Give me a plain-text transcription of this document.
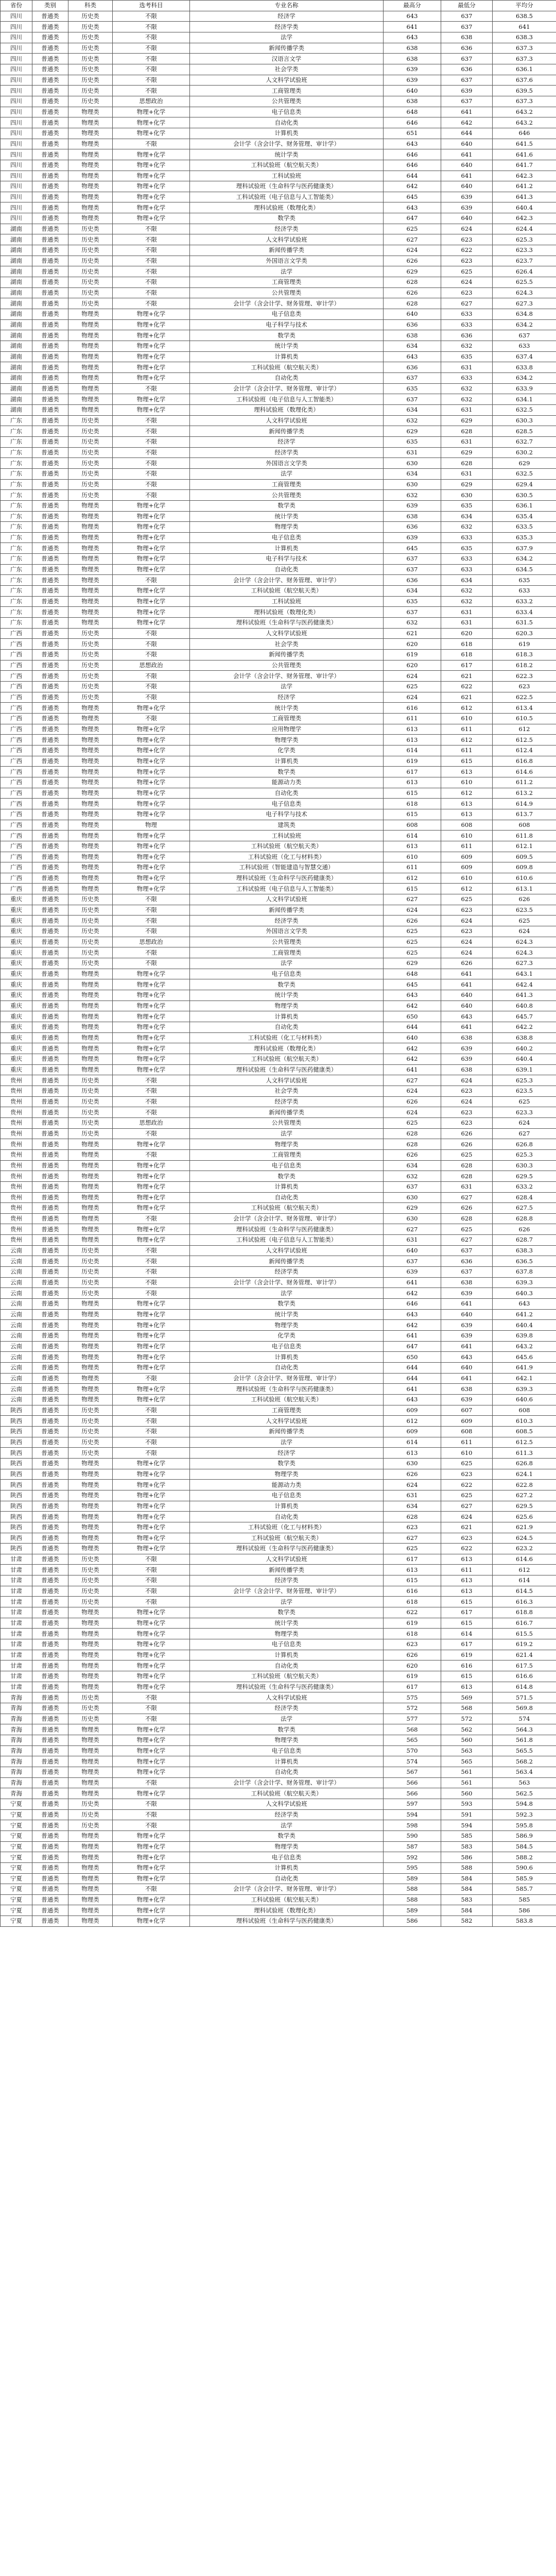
省份	类别	科类	选考科目	专业名称	最高分	最低分	平均分
四川	普通类	历史类	不限	经济学	643	637	638.5
四川	普通类	历史类	不限	经济学类	641	637	641
四川	普通类	历史类	不限	法学	643	638	638.3
四川	普通类	历史类	不限	新闻传播学类	638	636	637.3
四川	普通类	历史类	不限	汉语言文学	638	637	637.3
四川	普通类	历史类	不限	社会学类	639	636	636.1
四川	普通类	历史类	不限	人文科学试验班	639	637	637.6
四川	普通类	历史类	不限	工商管理类	640	639	639.5
四川	普通类	历史类	思想政治	公共管理类	638	637	637.3
四川	普通类	物理类	物理+化学	电子信息类	648	641	643.2
四川	普通类	物理类	物理+化学	自动化类	646	642	643.2
四川	普通类	物理类	物理+化学	计算机类	651	644	646
四川	普通类	物理类	不限	会计学（含会计学、财务管理、审计学）	643	640	641.5
四川	普通类	物理类	物理+化学	统计学类	646	641	641.6
四川	普通类	物理类	物理+化学	工科试验班（航空航天类）	646	640	641.7
四川	普通类	物理类	物理+化学	工科试验班	644	641	642.3
四川	普通类	物理类	物理+化学	理科试验班（生命科学与医药健康类）	642	640	641.2
四川	普通类	物理类	物理+化学	工科试验班（电子信息与人工智能类）	645	639	641.3
四川	普通类	物理类	物理+化学	理科试验班（数理化类）	643	639	640.4
四川	普通类	物理类	物理+化学	数学类	647	640	642.3
湖南	普通类	历史类	不限	经济学类	625	624	624.4
湖南	普通类	历史类	不限	人文科学试验班	627	623	625.3
湖南	普通类	历史类	不限	新闻传播学类	624	622	623.3
湖南	普通类	历史类	不限	外国语言文学类	626	623	623.7
湖南	普通类	历史类	不限	法学	629	625	626.4
湖南	普通类	历史类	不限	工商管理类	628	624	625.5
湖南	普通类	历史类	不限	公共管理类	626	623	624.3
湖南	普通类	历史类	不限	会计学（含会计学、财务管理、审计学）	628	627	627.3
湖南	普通类	物理类	物理+化学	电子信息类	640	633	634.8
湖南	普通类	物理类	物理+化学	电子科学与技术	636	633	634.2
湖南	普通类	物理类	物理+化学	数学类	638	636	637
湖南	普通类	物理类	物理+化学	统计学类	634	632	633
湖南	普通类	物理类	物理+化学	计算机类	643	635	637.4
湖南	普通类	物理类	物理+化学	工科试验班（航空航天类）	636	631	633.8
湖南	普通类	物理类	物理+化学	自动化类	637	633	634.2
湖南	普通类	物理类	不限	会计学（含会计学、财务管理、审计学）	635	632	633.9
湖南	普通类	物理类	物理+化学	工科试验班（电子信息与人工智能类）	637	632	634.1
湖南	普通类	物理类	物理+化学	理科试验班（数理化类）	634	631	632.5
广东	普通类	历史类	不限	人文科学试验班	632	629	630.3
广东	普通类	历史类	不限	新闻传播学类	629	628	628.5
广东	普通类	历史类	不限	经济学	635	631	632.7
广东	普通类	历史类	不限	经济学类	631	629	630.2
广东	普通类	历史类	不限	外国语言文学类	630	628	629
广东	普通类	历史类	不限	法学	634	631	632.5
广东	普通类	历史类	不限	工商管理类	630	629	629.4
广东	普通类	历史类	不限	公共管理类	632	630	630.5
广东	普通类	物理类	物理+化学	数学类	639	635	636.1
广东	普通类	物理类	物理+化学	统计学类	638	634	635.4
广东	普通类	物理类	物理+化学	物理学类	636	632	633.5
广东	普通类	物理类	物理+化学	电子信息类	639	633	635.3
广东	普通类	物理类	物理+化学	计算机类	645	635	637.9
广东	普通类	物理类	物理+化学	电子科学与技术	637	633	634.2
广东	普通类	物理类	物理+化学	自动化类	637	633	634.5
广东	普通类	物理类	不限	会计学（含会计学、财务管理、审计学）	636	634	635
广东	普通类	物理类	物理+化学	工科试验班（航空航天类）	634	632	633
广东	普通类	物理类	物理+化学	工科试验班	635	632	633.2
广东	普通类	物理类	物理+化学	理科试验班（数理化类）	637	631	633.4
广东	普通类	物理类	物理+化学	理科试验班（生命科学与医药健康类）	632	631	631.5
广西	普通类	历史类	不限	人文科学试验班	621	620	620.3
广西	普通类	历史类	不限	社会学类	620	618	619
广西	普通类	历史类	不限	新闻传播学类	619	618	618.3
广西	普通类	历史类	思想政治	公共管理类	620	617	618.2
广西	普通类	历史类	不限	会计学（含会计学、财务管理、审计学）	624	621	622.3
广西	普通类	历史类	不限	法学	625	622	623
广西	普通类	历史类	不限	经济学	624	621	622.5
广西	普通类	物理类	物理+化学	统计学类	616	612	613.4
广西	普通类	物理类	不限	工商管理类	611	610	610.5
广西	普通类	物理类	物理+化学	应用物理学	613	611	612
广西	普通类	物理类	物理+化学	物理学类	613	612	612.5
广西	普通类	物理类	物理+化学	化学类	614	611	612.4
广西	普通类	物理类	物理+化学	计算机类	619	615	616.8
广西	普通类	物理类	物理+化学	数学类	617	613	614.6
广西	普通类	物理类	物理+化学	能源动力类	613	610	611.2
广西	普通类	物理类	物理+化学	自动化类	615	612	613.2
广西	普通类	物理类	物理+化学	电子信息类	618	613	614.9
广西	普通类	物理类	物理+化学	电子科学与技术	615	613	613.7
广西	普通类	物理类	物理	建筑类	608	608	608
广西	普通类	物理类	物理+化学	工科试验班	614	610	611.8
广西	普通类	物理类	物理+化学	工科试验班（航空航天类）	613	611	612.1
广西	普通类	物理类	物理+化学	工科试验班（化工与材料类）	610	609	609.5
广西	普通类	物理类	物理+化学	工科试验班（智能建造与智慧交通）	611	609	609.8
广西	普通类	物理类	物理+化学	理科试验班（生命科学与医药健康类）	612	610	610.6
广西	普通类	物理类	物理+化学	工科试验班（电子信息与人工智能类）	615	612	613.1
重庆	普通类	历史类	不限	人文科学试验班	627	625	626
重庆	普通类	历史类	不限	新闻传播学类	624	623	623.5
重庆	普通类	历史类	不限	经济学类	626	624	625
重庆	普通类	历史类	不限	外国语言文学类	625	623	624
重庆	普通类	历史类	思想政治	公共管理类	625	624	624.3
重庆	普通类	历史类	不限	工商管理类	625	624	624.3
重庆	普通类	历史类	不限	法学	629	626	627.3
重庆	普通类	物理类	物理+化学	电子信息类	648	641	643.1
重庆	普通类	物理类	物理+化学	数学类	645	641	642.4
重庆	普通类	物理类	物理+化学	统计学类	643	640	641.3
重庆	普通类	物理类	物理+化学	物理学类	642	640	640.8
重庆	普通类	物理类	物理+化学	计算机类	650	643	645.7
重庆	普通类	物理类	物理+化学	自动化类	644	641	642.2
重庆	普通类	物理类	物理+化学	工科试验班（化工与材料类）	640	638	638.8
重庆	普通类	物理类	物理+化学	理科试验班（数理化类）	642	639	640.2
重庆	普通类	物理类	物理+化学	工科试验班（航空航天类）	642	639	640.4
重庆	普通类	物理类	物理+化学	理科试验班（生命科学与医药健康类）	641	638	639.1
贵州	普通类	历史类	不限	人文科学试验班	627	624	625.3
贵州	普通类	历史类	不限	社会学类	624	623	623.5
贵州	普通类	历史类	不限	经济学类	626	624	625
贵州	普通类	历史类	不限	新闻传播学类	624	623	623.3
贵州	普通类	历史类	思想政治	公共管理类	625	623	624
贵州	普通类	历史类	不限	法学	628	626	627
贵州	普通类	物理类	物理+化学	物理学类	628	626	626.8
贵州	普通类	物理类	不限	工商管理类	626	625	625.3
贵州	普通类	物理类	物理+化学	电子信息类	634	628	630.3
贵州	普通类	物理类	物理+化学	数学类	632	628	629.5
贵州	普通类	物理类	物理+化学	计算机类	637	631	633.2
贵州	普通类	物理类	物理+化学	自动化类	630	627	628.4
贵州	普通类	物理类	物理+化学	工科试验班（航空航天类）	629	626	627.5
贵州	普通类	物理类	不限	会计学（含会计学、财务管理、审计学）	630	628	628.8
贵州	普通类	物理类	物理+化学	理科试验班（生命科学与医药健康类）	627	625	626
贵州	普通类	物理类	物理+化学	工科试验班（电子信息与人工智能类）	631	627	628.7
云南	普通类	历史类	不限	人文科学试验班	640	637	638.3
云南	普通类	历史类	不限	新闻传播学类	637	636	636.5
云南	普通类	历史类	不限	经济学类	639	637	637.8
云南	普通类	历史类	不限	会计学（含会计学、财务管理、审计学）	641	638	639.3
云南	普通类	历史类	不限	法学	642	639	640.3
云南	普通类	物理类	物理+化学	数学类	646	641	643
云南	普通类	物理类	物理+化学	统计学类	643	640	641.2
云南	普通类	物理类	物理+化学	物理学类	642	639	640.4
云南	普通类	物理类	物理+化学	化学类	641	639	639.8
云南	普通类	物理类	物理+化学	电子信息类	647	641	643.2
云南	普通类	物理类	物理+化学	计算机类	650	643	645.6
云南	普通类	物理类	物理+化学	自动化类	644	640	641.9
云南	普通类	物理类	不限	会计学（含会计学、财务管理、审计学）	644	641	642.1
云南	普通类	物理类	物理+化学	理科试验班（生命科学与医药健康类）	641	638	639.3
云南	普通类	物理类	物理+化学	工科试验班（航空航天类）	643	639	640.6
陕西	普通类	历史类	不限	工商管理类	609	607	608
陕西	普通类	历史类	不限	人文科学试验班	612	609	610.3
陕西	普通类	历史类	不限	新闻传播学类	609	608	608.5
陕西	普通类	历史类	不限	法学	614	611	612.5
陕西	普通类	历史类	不限	经济学	613	610	611.3
陕西	普通类	物理类	物理+化学	数学类	630	625	626.8
陕西	普通类	物理类	物理+化学	物理学类	626	623	624.1
陕西	普通类	物理类	物理+化学	能源动力类	624	622	622.8
陕西	普通类	物理类	物理+化学	电子信息类	631	625	627.2
陕西	普通类	物理类	物理+化学	计算机类	634	627	629.5
陕西	普通类	物理类	物理+化学	自动化类	628	624	625.6
陕西	普通类	物理类	物理+化学	工科试验班（化工与材料类）	623	621	621.9
陕西	普通类	物理类	物理+化学	工科试验班（航空航天类）	627	623	624.5
陕西	普通类	物理类	物理+化学	理科试验班（生命科学与医药健康类）	625	622	623.2
甘肃	普通类	历史类	不限	人文科学试验班	617	613	614.6
甘肃	普通类	历史类	不限	新闻传播学类	613	611	612
甘肃	普通类	历史类	不限	经济学类	615	613	614
甘肃	普通类	历史类	不限	会计学（含会计学、财务管理、审计学）	616	613	614.5
甘肃	普通类	历史类	不限	法学	618	615	616.3
甘肃	普通类	物理类	物理+化学	数学类	622	617	618.8
甘肃	普通类	物理类	物理+化学	统计学类	619	615	616.7
甘肃	普通类	物理类	物理+化学	物理学类	618	614	615.5
甘肃	普通类	物理类	物理+化学	电子信息类	623	617	619.2
甘肃	普通类	物理类	物理+化学	计算机类	626	619	621.4
甘肃	普通类	物理类	物理+化学	自动化类	620	616	617.5
甘肃	普通类	物理类	物理+化学	工科试验班（航空航天类）	619	615	616.6
甘肃	普通类	物理类	物理+化学	理科试验班（生命科学与医药健康类）	617	613	614.8
青海	普通类	历史类	不限	人文科学试验班	575	569	571.5
青海	普通类	历史类	不限	经济学类	572	568	569.8
青海	普通类	历史类	不限	法学	577	572	574
青海	普通类	物理类	物理+化学	数学类	568	562	564.3
青海	普通类	物理类	物理+化学	物理学类	565	560	561.8
青海	普通类	物理类	物理+化学	电子信息类	570	563	565.5
青海	普通类	物理类	物理+化学	计算机类	574	565	568.2
青海	普通类	物理类	物理+化学	自动化类	567	561	563.4
青海	普通类	物理类	不限	会计学（含会计学、财务管理、审计学）	566	561	563
青海	普通类	物理类	物理+化学	工科试验班（航空航天类）	566	560	562.5
宁夏	普通类	历史类	不限	人文科学试验班	597	593	594.8
宁夏	普通类	历史类	不限	经济学类	594	591	592.3
宁夏	普通类	历史类	不限	法学	598	594	595.8
宁夏	普通类	物理类	物理+化学	数学类	590	585	586.9
宁夏	普通类	物理类	物理+化学	物理学类	587	583	584.5
宁夏	普通类	物理类	物理+化学	电子信息类	592	586	588.2
宁夏	普通类	物理类	物理+化学	计算机类	595	588	590.6
宁夏	普通类	物理类	物理+化学	自动化类	589	584	585.9
宁夏	普通类	物理类	不限	会计学（含会计学、财务管理、审计学）	588	584	585.7
宁夏	普通类	物理类	物理+化学	工科试验班（航空航天类）	588	583	585
宁夏	普通类	物理类	物理+化学	理科试验班（数理化类）	589	584	586
宁夏	普通类	物理类	物理+化学	理科试验班（生命科学与医药健康类）	586	582	583.8
